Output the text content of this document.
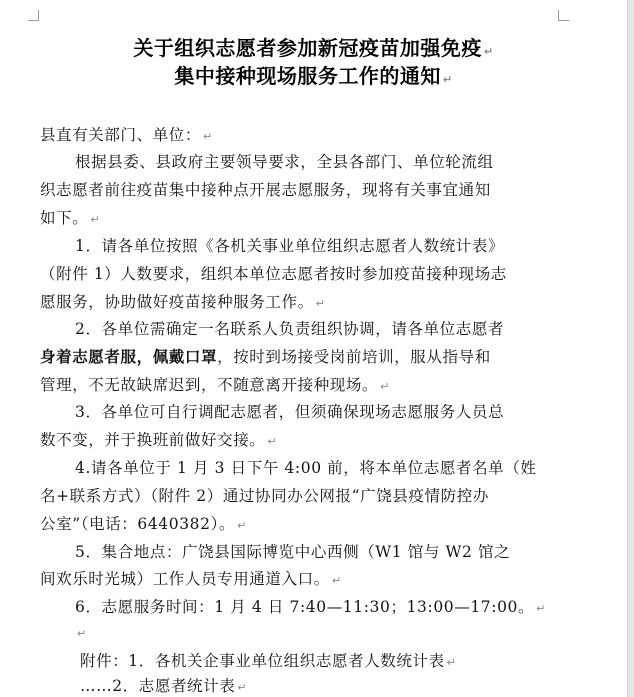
关于组织志愿者参加新冠疫苗加强免疫 ↵
集中接种现场服务工作的通知 ↵
县直有关部门、单位： ↵
根据县委、县政府主要领导要求，全县各部门、单位轮流组
织志愿者前往疫苗集中接种点开展志愿服务，现将有关事宜通知
如下。 ↵
1．请各单位按照《各机关事业单位组织志愿者人数统计表》
（附件 1）人数要求，组织本单位志愿者按时参加疫苗接种现场志
愿服务，协助做好疫苗接种服务工作。 ↵
2．各单位需确定一名联系人负责组织协调，请各单位志愿者
身着志愿者服，佩戴口罩，按时到场接受岗前培训，服从指导和
管理，不无故缺席迟到，不随意离开接种现场。 ↵
3．各单位可自行调配志愿者，但须确保现场志愿服务人员总
数不变，并于换班前做好交接。 ↵
4.请各单位于 1 月 3 日下午 4:00 前，将本单位志愿者名单（姓
名+联系方式）（附件 2）通过协同办公网报“广饶县疫情防控办
公室”（电话：6440382）。 ↵
5．集合地点：广饶县国际博览中心西侧（W1 馆与 W2 馆之
间欢乐时光城）工作人员专用通道入口。 ↵
6．志愿服务时间：1 月 4 日 7:40—11:30；13:00—17:00。 ↵
↵
附件：1．各机关企事业单位组织志愿者人数统计表 ↵
……2．志愿者统计表 ↵
